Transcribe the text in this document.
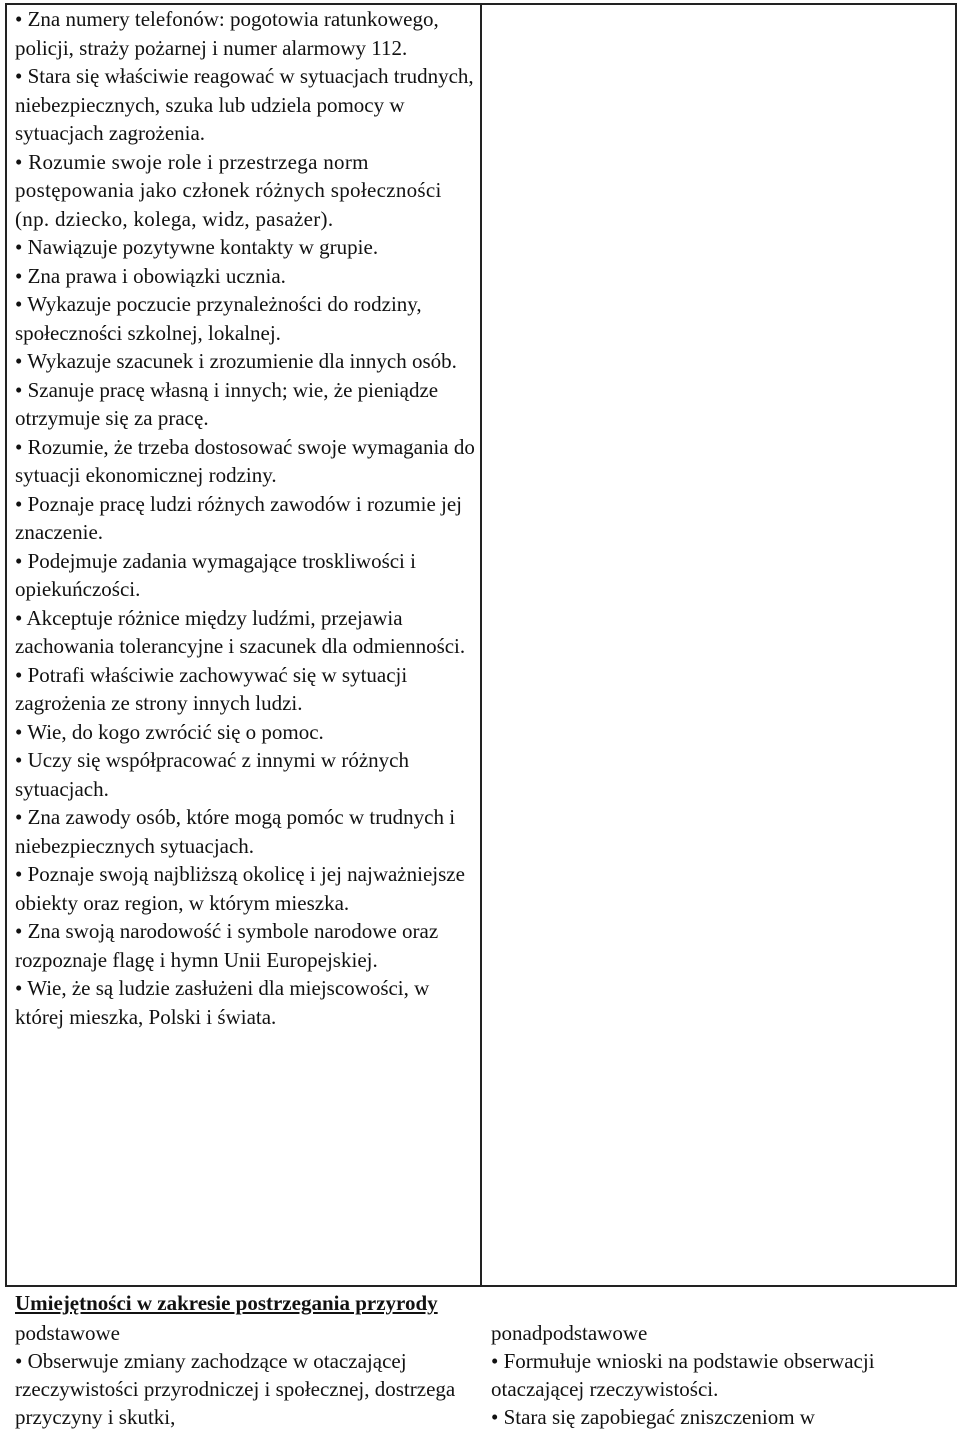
• Zna numery telefonów: pogotowia ratunkowego, policji, straży pożarnej i numer alarmowy 112.

• Stara się właściwie reagować w sytuacjach trudnych, niebezpiecznych, szuka lub udziela pomocy w sytuacjach zagrożenia.

• Rozumie swoje role i przestrzega norm postępowania jako członek różnych społeczności (np. dziecko, kolega, widz, pasażer).

• Nawiązuje pozytywne kontakty w grupie.

• Zna prawa i obowiązki ucznia.

• Wykazuje poczucie przynależności do rodziny, społeczności szkolnej, lokalnej.

• Wykazuje szacunek i zrozumienie dla innych osób.

• Szanuje pracę własną i innych; wie, że pieniądze otrzymuje się za pracę.

• Rozumie, że trzeba dostosować swoje wymagania do sytuacji ekonomicznej rodziny.

• Poznaje pracę ludzi różnych zawodów i rozumie jej znaczenie.

• Podejmuje zadania wymagające troskliwości i opiekuńczości.

• Akceptuje różnice między ludźmi, przejawia zachowania tolerancyjne i szacunek dla odmienności.

• Potrafi właściwie zachowywać się w sytuacji zagrożenia ze strony innych ludzi.

• Wie, do kogo zwrócić się o pomoc.

• Uczy się współpracować z innymi w różnych sytuacjach.

• Zna zawody osób, które mogą pomóc w trudnych i niebezpiecznych sytuacjach.

• Poznaje swoją najbliższą okolicę i jej najważniejsze obiekty oraz region, w którym mieszka.

• Zna swoją narodowość i symbole narodowe oraz rozpoznaje flagę i hymn Unii Europejskiej.

• Wie, że są ludzie zasłużeni dla miejscowości, w której mieszka, Polski i świata.

Umiejętności w zakresie postrzegania przyrody
podstawowe	ponadpodstawowe

• Obserwuje zmiany zachodzące w otaczającej rzeczywistości przyrodniczej i społecznej, dostrzega przyczyny i skutki,

• Formułuje wnioski na podstawie obserwacji otaczającej rzeczywistości.

• Stara się zapobiegać zniszczeniom w
